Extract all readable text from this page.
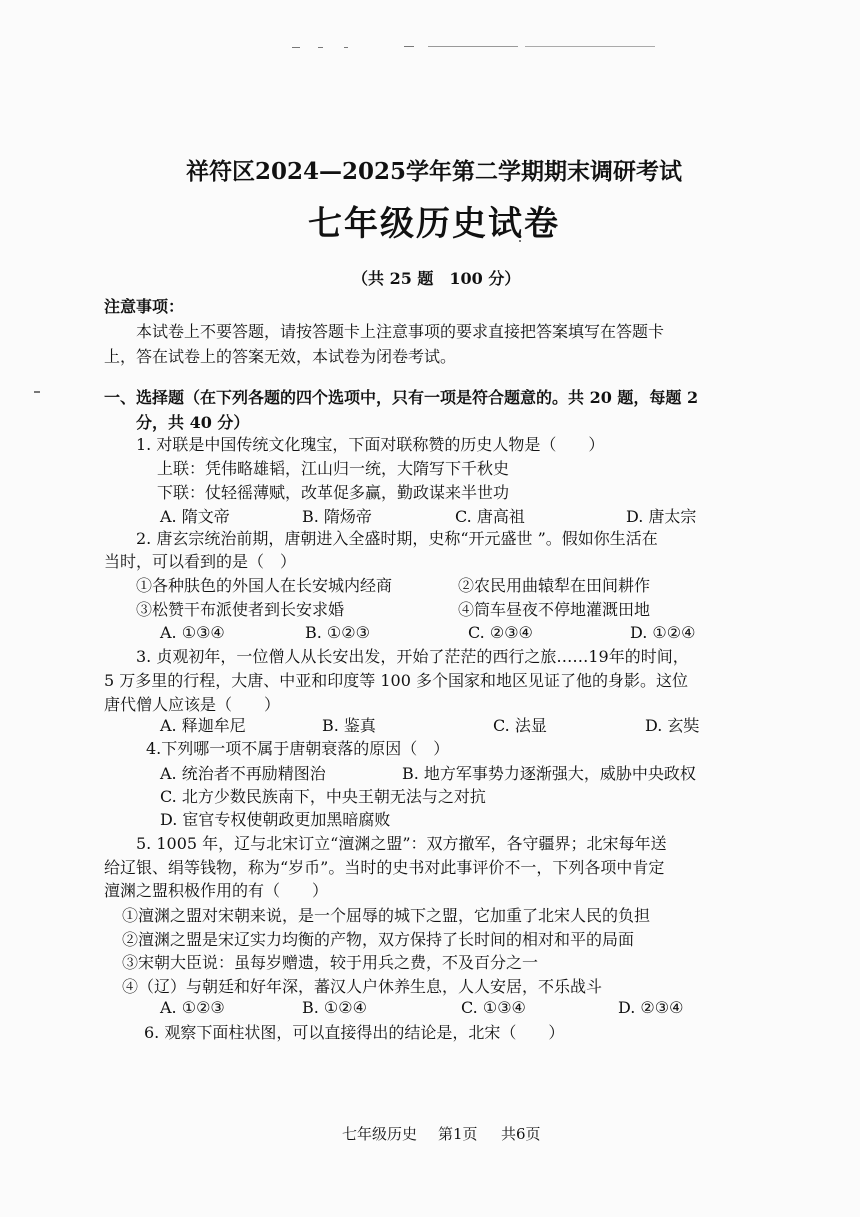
祥符区2024—2025学年第二学期期末调研考试
七年级历史试卷
（共 25 题　100 分）
注意事项：
本试卷上不要答题，请按答题卡上注意事项的要求直接把答案填写在答题卡
上，答在试卷上的答案无效，本试卷为闭卷考试。
一、选择题（在下列各题的四个选项中，只有一项是符合题意的。共 20 题，每题 2
分，共 40 分）
1. 对联是中国传统文化瑰宝，下面对联称赞的历史人物是（　　）
上联：凭伟略雄韬，江山归一统，大隋写下千秋史
下联：仗轻徭薄赋，改革促多赢，勤政谋来半世功
A. 隋文帝	B. 隋炀帝	C. 唐高祖	D. 唐太宗
2. 唐玄宗统治前期，唐朝进入全盛时期，史称“开元盛世 ”。假如你生活在
当时，可以看到的是（　）
①各种肤色的外国人在长安城内经商	②农民用曲辕犁在田间耕作
③松赞干布派使者到长安求婚	④筒车昼夜不停地灌溉田地
A. ①③④	B. ①②③	C. ②③④	D. ①②④
3. 贞观初年，一位僧人从长安出发，开始了茫茫的西行之旅……19年的时间，
5 万多里的行程，大唐、中亚和印度等 100 多个国家和地区见证了他的身影。这位
唐代僧人应该是（　　）
A. 释迦牟尼	B. 鉴真	C. 法显	D. 玄奘
4.下列哪一项不属于唐朝衰落的原因（　）
A. 统治者不再励精图治	B. 地方军事势力逐渐强大，威胁中央政权
C. 北方少数民族南下，中央王朝无法与之对抗
D. 宦官专权使朝政更加黑暗腐败
5. 1005 年，辽与北宋订立“澶渊之盟”：双方撤军，各守疆界；北宋每年送
给辽银、绢等钱物，称为“岁币”。当时的史书对此事评价不一，下列各项中肯定
澶渊之盟积极作用的有（　　）
①澶渊之盟对宋朝来说，是一个屈辱的城下之盟，它加重了北宋人民的负担
②澶渊之盟是宋辽实力均衡的产物，双方保持了长时间的相对和平的局面
③宋朝大臣说：虽每岁赠遗，较于用兵之费，不及百分之一
④（辽）与朝廷和好年深，蕃汉人户休养生息，人人安居，不乐战斗
A. ①②③	B. ①②④	C. ①③④	D. ②③④
6. 观察下面柱状图，可以直接得出的结论是，北宋（　　）
七年级历史 第1页 共6页
